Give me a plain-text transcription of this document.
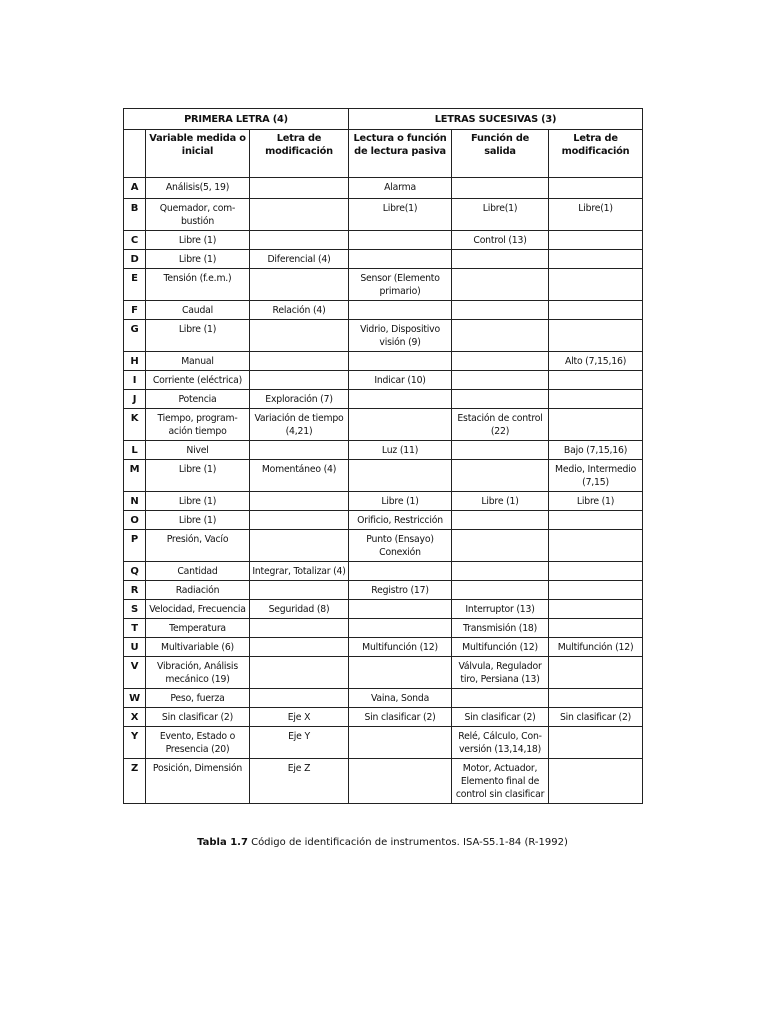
PRIMERA LETRA (4)			LETRAS SUCESIVAS (3)		
	Variable medida o inicial	Letra de modificación	Lectura o función de lectura pasiva	Función de salida	Letra de modificación
A	Análisis(5, 19)		Alarma		
B	Quemador, com-bustión		Libre(1)	Libre(1)	Libre(1)
C	Libre (1)			Control (13)	
D	Libre (1)	Diferencial (4)			
E	Tensión (f.e.m.)		Sensor (Elemento primario)		
F	Caudal	Relación (4)			
G	Libre (1)		Vidrio, Dispositivo visión (9)		
H	Manual				Alto (7,15,16)
I	Corriente (eléctrica)		Indicar (10)		
J	Potencia	Exploración (7)			
K	Tiempo, program-ación tiempo	Variación de tiempo (4,21)		Estación de control (22)	
L	Nivel		Luz (11)		Bajo (7,15,16)
M	Libre (1)	Momentáneo (4)			Medio, Intermedio (7,15)
N	Libre (1)		Libre (1)	Libre (1)	Libre (1)
O	Libre (1)		Orificio, Restricción		
P	Presión, Vacío		Punto (Ensayo) Conexión		
Q	Cantidad	Integrar, Totalizar (4)			
R	Radiación		Registro (17)		
S	Velocidad, Frecuencia	Seguridad (8)		Interruptor (13)	
T	Temperatura			Transmisión (18)	
U	Multivariable (6)		Multifunción (12)	Multifunción (12)	Multifunción (12)
V	Vibración, Análisis mecánico (19)			Válvula, Regulador tiro, Persiana (13)	
W	Peso, fuerza		Vaina, Sonda		
X	Sin clasificar (2)	Eje X	Sin clasificar (2)	Sin clasificar (2)	Sin clasificar (2)
Y	Evento, Estado o Presencia (20)	Eje Y		Relé, Cálculo, Con-versión (13,14,18)	
Z	Posición, Dimensión	Eje Z		Motor, Actuador, Elemento final de control sin clasificar	
Tabla 1.7 Código de identificación de instrumentos. ISA-S5.1-84 (R-1992)
